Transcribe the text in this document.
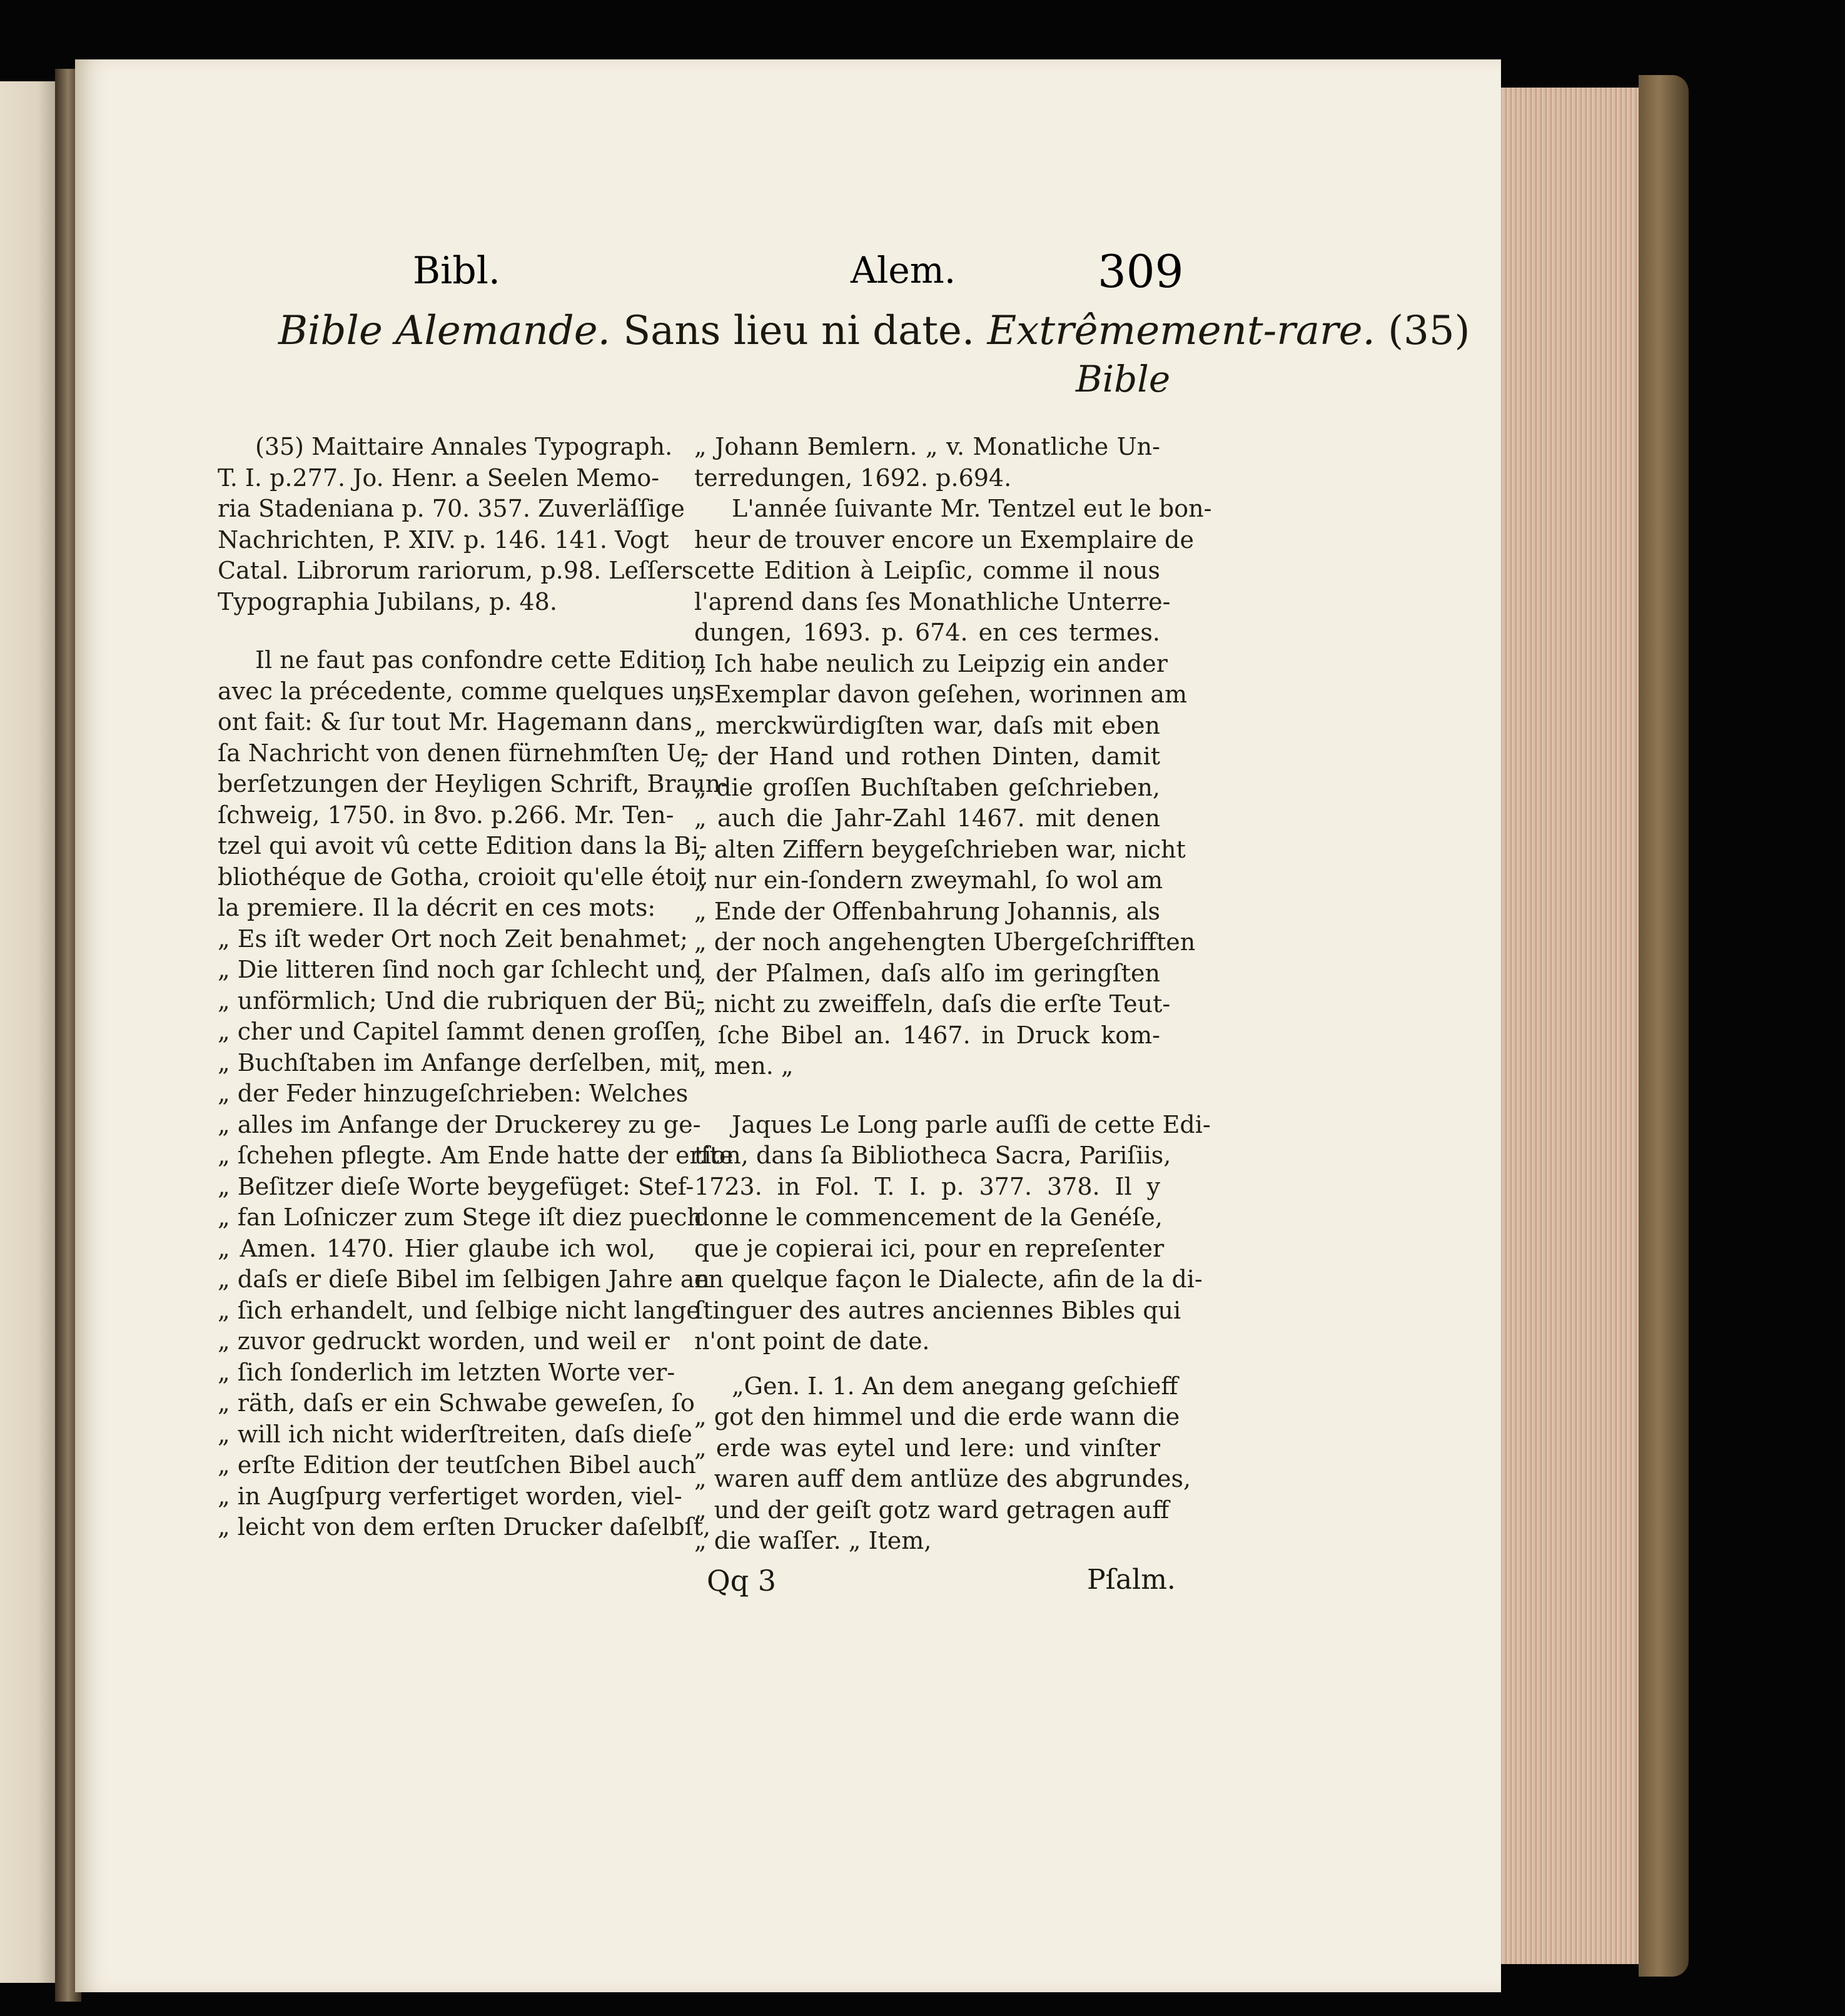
Bibl.	Alem.	309
Bible Alemande. Sans lieu ni date. Extrêmement-rare. (35)
Bible
(35) Maittaire Annales Typograph.
T. I. p.277. Jo. Henr. a Seelen Memo-
ria Stadeniana p. 70. 357. Zuverläſſige
Nachrichten, P. XIV. p. 146. 141. Vogt
Catal. Librorum rariorum, p.98. Leſſers
Typographia Jubilans, p. 48.
Il ne faut pas confondre cette Edition
avec la précedente, comme quelques uns
ont fait: & ſur tout Mr. Hagemann dans
ſa Nachricht von denen fürnehmſten Ue-
berſetzungen der Heyligen Schrift, Braun-
ſchweig, 1750. in 8vo. p.266. Mr. Ten-
tzel qui avoit vû cette Edition dans la Bi-
bliothéque de Gotha, croioit qu'elle étoit
la premiere. Il la décrit en ces mots:
„ Es iſt weder Ort noch Zeit benahmet;
„ Die litteren ſind noch gar ſchlecht und
„ unförmlich; Und die rubriquen der Bü-
„ cher und Capitel ſammt denen groſſen
„ Buchſtaben im Anfange derſelben, mit
„ der Feder hinzugeſchrieben: Welches
„ alles im Anfange der Druckerey zu ge-
„ ſchehen pflegte. Am Ende hatte der erſte
„ Beſitzer dieſe Worte beygefüget: Stef-
„ fan Loſniczer zum Stege iſt diez puech
„ Amen. 1470. Hier glaube ich wol,
„ daſs er dieſe Bibel im ſelbigen Jahre an
„ ſich erhandelt, und ſelbige nicht lange
„ zuvor gedruckt worden, und weil er
„ ſich ſonderlich im letzten Worte ver-
„ räth, daſs er ein Schwabe geweſen, ſo
„ will ich nicht widerſtreiten, daſs dieſe
„ erſte Edition der teutſchen Bibel auch
„ in Augſpurg verfertiget worden, viel-
„ leicht von dem erſten Drucker daſelbſt,
„ Johann Bemlern. „ v. Monatliche Un-
terredungen, 1692. p.694.
L'année ſuivante Mr. Tentzel eut le bon-
heur de trouver encore un Exemplaire de
cette Edition à Leipſic, comme il nous
l'aprend dans ſes Monathliche Unterre-
dungen, 1693. p. 674. en ces termes.
„ Ich habe neulich zu Leipzig ein ander
„ Exemplar davon geſehen, worinnen am
„ merckwürdigſten war, daſs mit eben
„ der Hand und rothen Dinten, damit
„ die groſſen Buchſtaben geſchrieben,
„ auch die Jahr-Zahl 1467. mit denen
„ alten Ziffern beygeſchrieben war, nicht
„ nur ein-ſondern zweymahl, ſo wol am
„ Ende der Offenbahrung Johannis, als
„ der noch angehengten Ubergeſchrifften
„ der Pſalmen, daſs alſo im geringſten
„ nicht zu zweiffeln, daſs die erſte Teut-
„ ſche Bibel an. 1467. in Druck kom-
„ men. „
Jaques Le Long parle auſſi de cette Edi-
tion, dans ſa Bibliotheca Sacra, Pariſiis,
1723. in Fol. T. I. p. 377. 378. Il y
donne le commencement de la Genéſe,
que je copierai ici, pour en repreſenter
en quelque façon le Dialecte, afin de la di-
ſtinguer des autres anciennes Bibles qui
n'ont point de date.
„Gen. I. 1. An dem anegang geſchieff
„ got den himmel und die erde wann die
„ erde was eytel und lere: und vinſter
„ waren auff dem antlüze des abgrundes,
„ und der geiſt gotz ward getragen auff
„ die waſſer. „ Item,
Qq 3	Pſalm.
